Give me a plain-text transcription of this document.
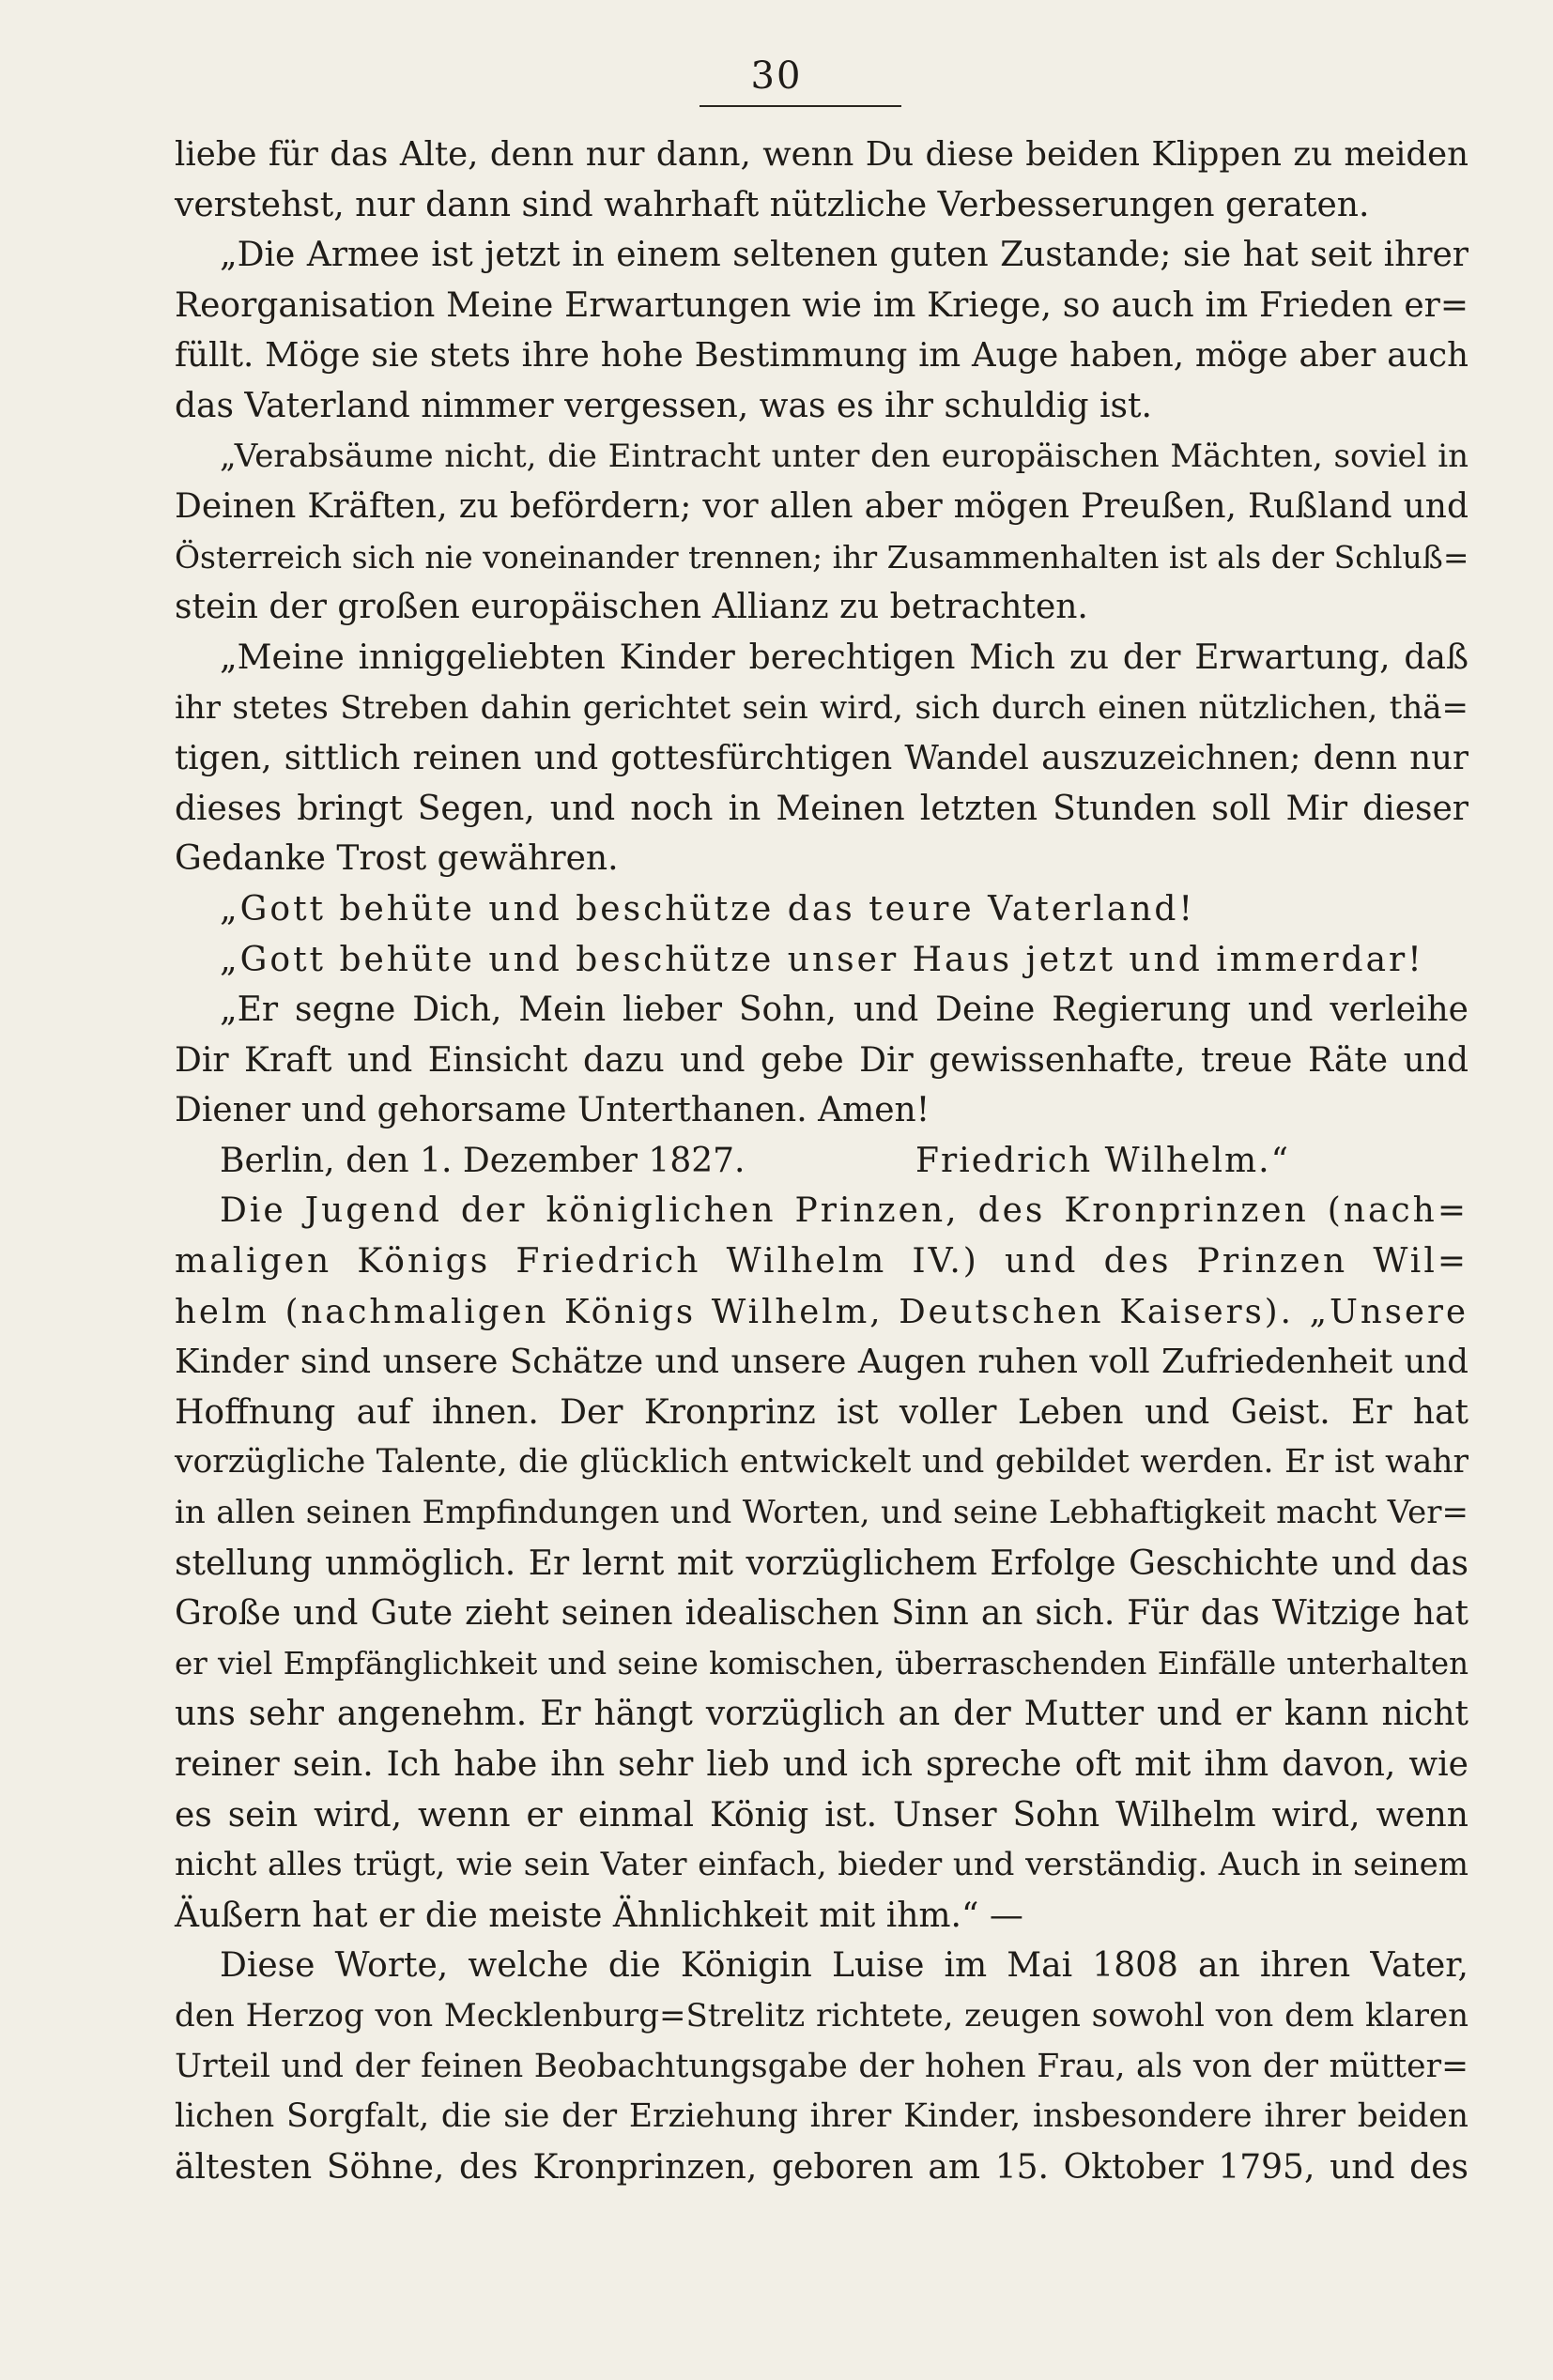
30
liebe für das Alte, denn nur dann, wenn Du diese beiden Klippen zu meiden
verstehst, nur dann sind wahrhaft nützliche Verbesserungen geraten.
„Die Armee ist jetzt in einem seltenen guten Zustande; sie hat seit ihrer
Reorganisation Meine Erwartungen wie im Kriege, so auch im Frieden er=
füllt. Möge sie stets ihre hohe Bestimmung im Auge haben, möge aber auch
das Vaterland nimmer vergessen, was es ihr schuldig ist.
„Verabsäume nicht, die Eintracht unter den europäischen Mächten, soviel in
Deinen Kräften, zu befördern; vor allen aber mögen Preußen, Rußland und
Österreich sich nie voneinander trennen; ihr Zusammenhalten ist als der Schluß=
stein der großen europäischen Allianz zu betrachten.
„Meine inniggeliebten Kinder berechtigen Mich zu der Erwartung, daß
ihr stetes Streben dahin gerichtet sein wird, sich durch einen nützlichen, thä=
tigen, sittlich reinen und gottesfürchtigen Wandel auszuzeichnen; denn nur
dieses bringt Segen, und noch in Meinen letzten Stunden soll Mir dieser
Gedanke Trost gewähren.
„Gott behüte und beschütze das teure Vaterland!
„Gott behüte und beschütze unser Haus jetzt und immerdar!
„Er segne Dich, Mein lieber Sohn, und Deine Regierung und verleihe
Dir Kraft und Einsicht dazu und gebe Dir gewissenhafte, treue Räte und
Diener und gehorsame Unterthanen. Amen!
Berlin, den 1. Dezember 1827.	Friedrich Wilhelm.“
Die Jugend der königlichen Prinzen, des Kronprinzen (nach=
maligen Königs Friedrich Wilhelm IV.) und des Prinzen Wil=
helm (nachmaligen Königs Wilhelm, Deutschen Kaisers). „Unsere
Kinder sind unsere Schätze und unsere Augen ruhen voll Zufriedenheit und
Hoffnung auf ihnen. Der Kronprinz ist voller Leben und Geist. Er hat
vorzügliche Talente, die glücklich entwickelt und gebildet werden. Er ist wahr
in allen seinen Empfindungen und Worten, und seine Lebhaftigkeit macht Ver=
stellung unmöglich. Er lernt mit vorzüglichem Erfolge Geschichte und das
Große und Gute zieht seinen idealischen Sinn an sich. Für das Witzige hat
er viel Empfänglichkeit und seine komischen, überraschenden Einfälle unterhalten
uns sehr angenehm. Er hängt vorzüglich an der Mutter und er kann nicht
reiner sein. Ich habe ihn sehr lieb und ich spreche oft mit ihm davon, wie
es sein wird, wenn er einmal König ist. Unser Sohn Wilhelm wird, wenn
nicht alles trügt, wie sein Vater einfach, bieder und verständig. Auch in seinem
Äußern hat er die meiste Ähnlichkeit mit ihm.“ —
Diese Worte, welche die Königin Luise im Mai 1808 an ihren Vater,
den Herzog von Mecklenburg=Strelitz richtete, zeugen sowohl von dem klaren
Urteil und der feinen Beobachtungsgabe der hohen Frau, als von der mütter=
lichen Sorgfalt, die sie der Erziehung ihrer Kinder, insbesondere ihrer beiden
ältesten Söhne, des Kronprinzen, geboren am 15. Oktober 1795, und des
